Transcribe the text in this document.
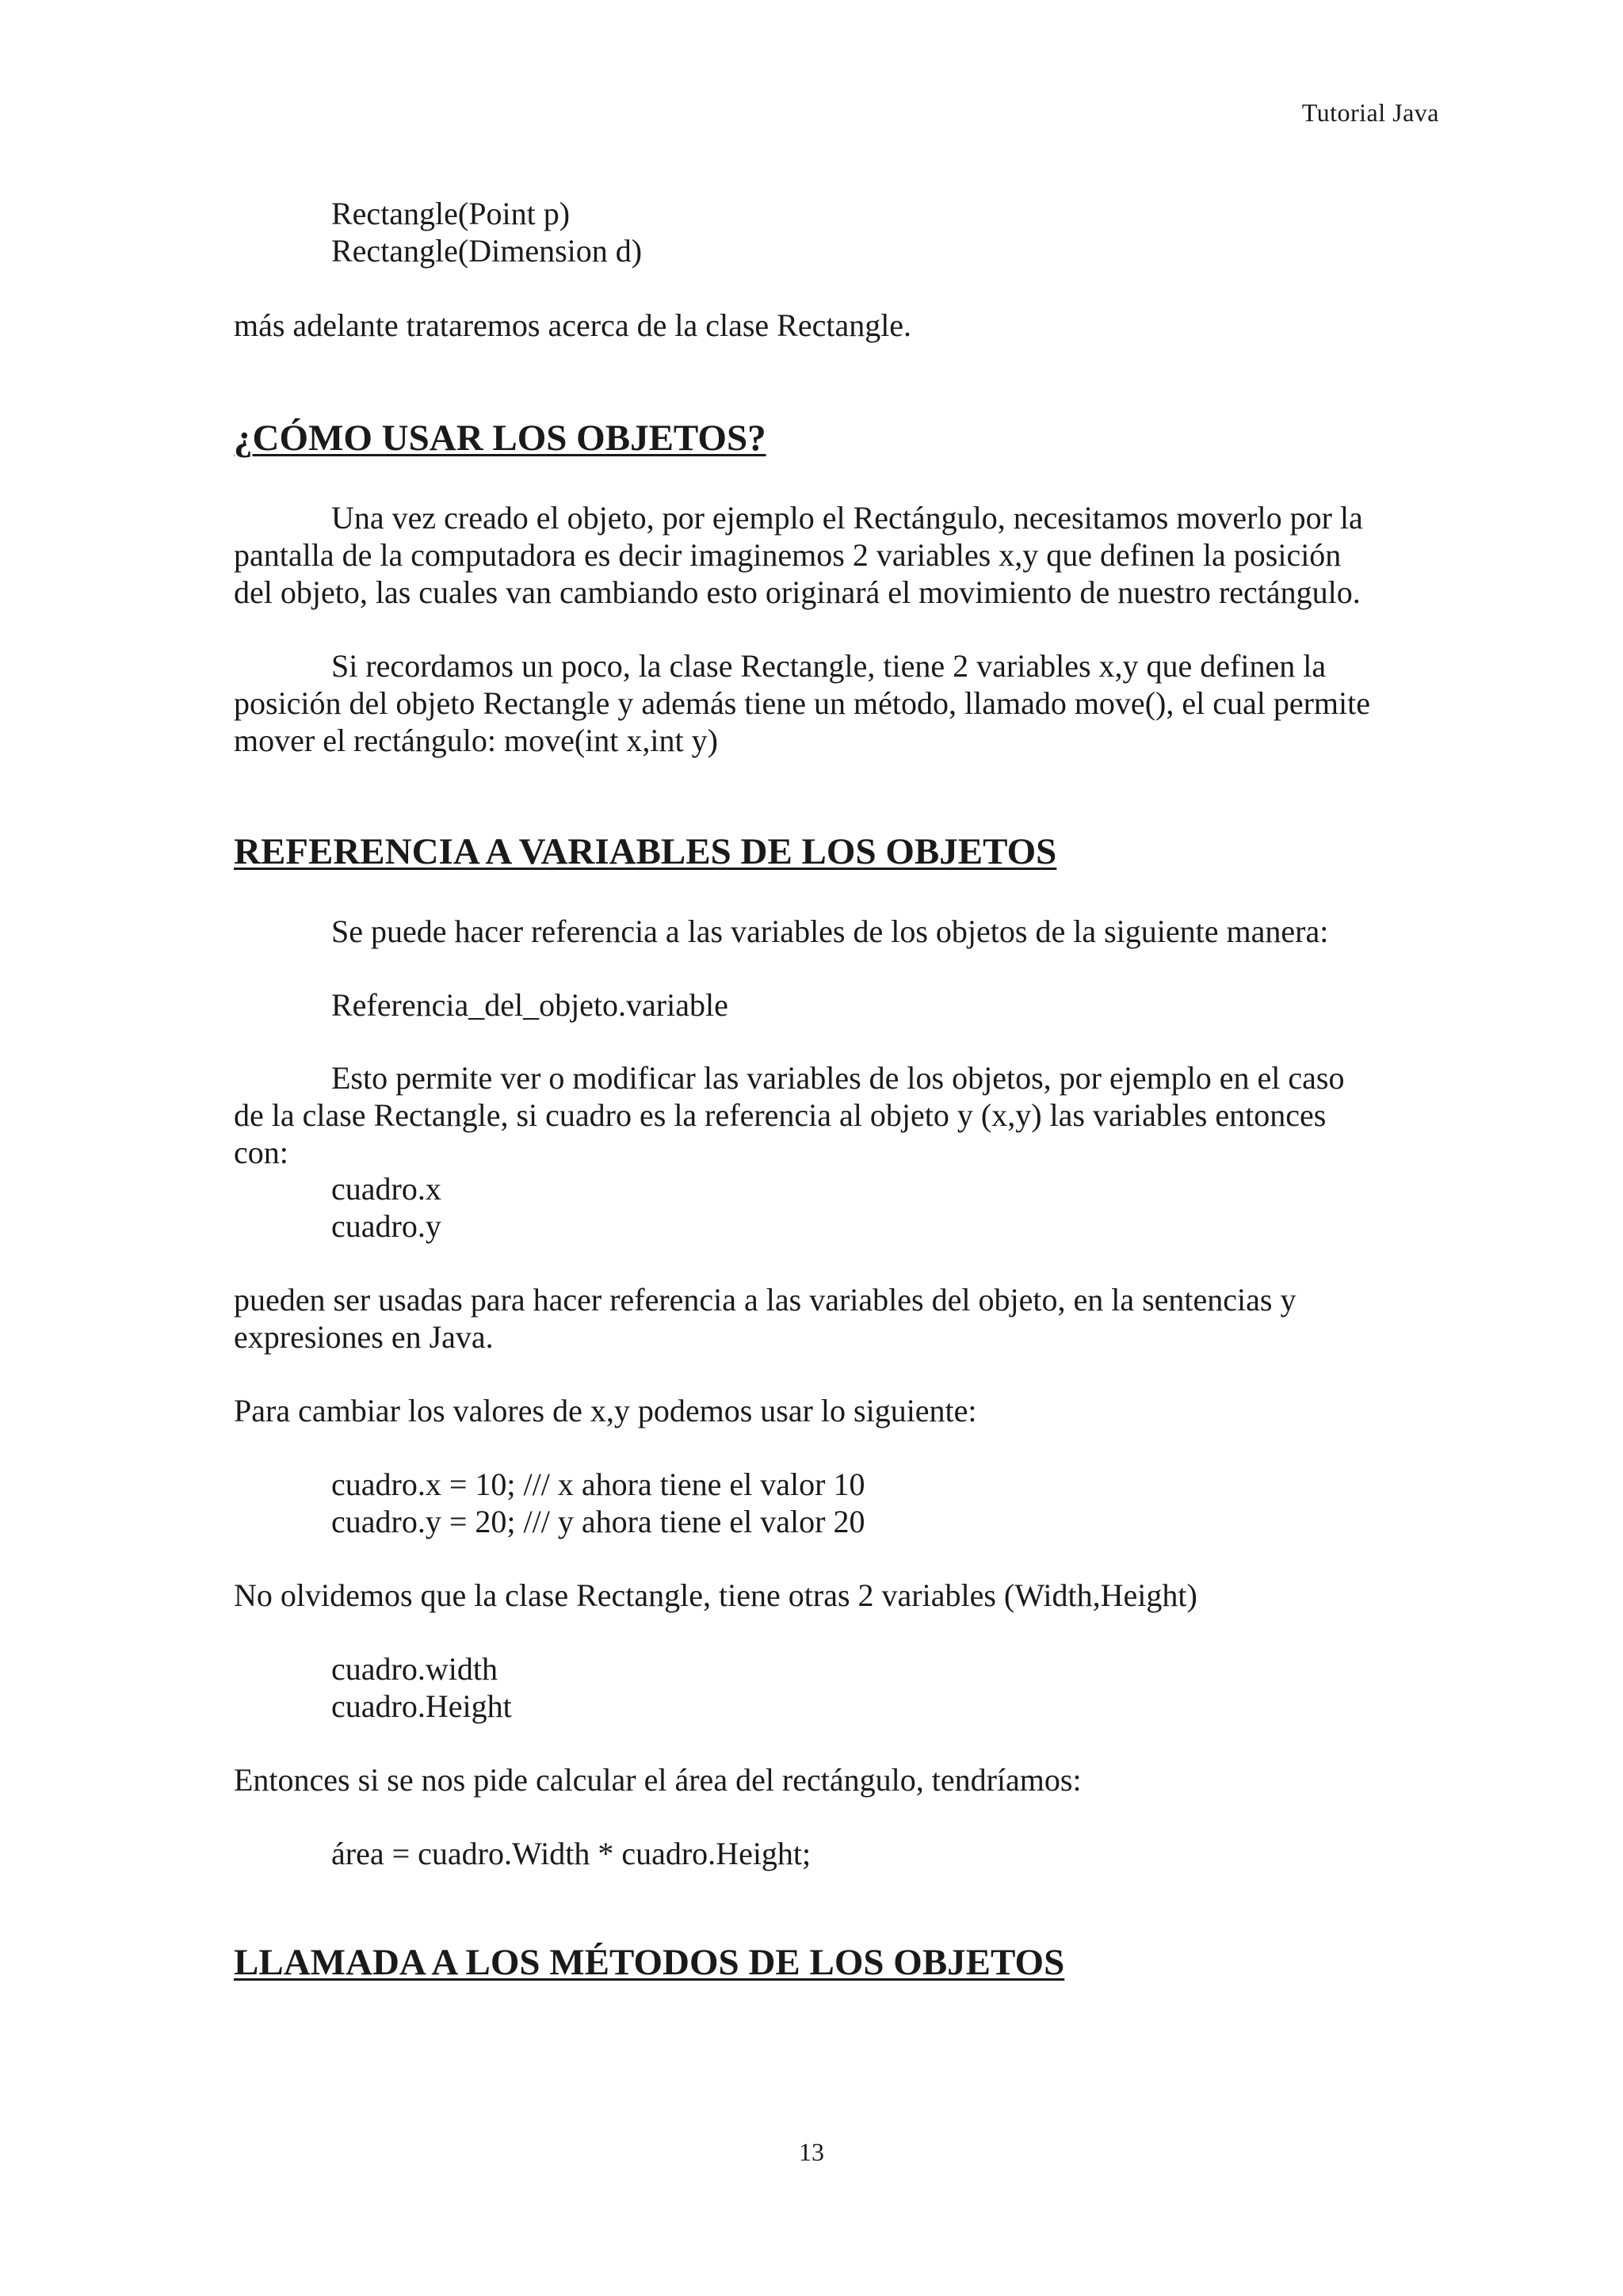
Tutorial Java
Rectangle(Point p)
Rectangle(Dimension d)
más adelante trataremos acerca de la clase Rectangle.
¿CÓMO USAR LOS OBJETOS?
Una vez creado el objeto, por ejemplo el Rectángulo, necesitamos moverlo por la
pantalla de la computadora es decir imaginemos 2 variables x,y que definen la posición
del objeto, las cuales van cambiando esto originará el movimiento de nuestro rectángulo.
Si recordamos un poco, la clase Rectangle, tiene 2 variables x,y que definen la
posición del objeto Rectangle y además tiene un método, llamado move(), el cual permite
mover el rectángulo: move(int x,int y)
REFERENCIA A VARIABLES DE LOS OBJETOS
Se puede hacer referencia a las variables de los objetos de la siguiente manera:
Referencia_del_objeto.variable
Esto permite ver o modificar las variables de los objetos, por ejemplo en el caso
de la clase Rectangle, si cuadro es la referencia al objeto y (x,y) las variables entonces
con:
cuadro.x
cuadro.y
pueden ser usadas para hacer referencia a las variables del objeto, en la sentencias y
expresiones en Java.
Para cambiar los valores de x,y podemos usar lo siguiente:
cuadro.x = 10; /// x ahora tiene el valor 10
cuadro.y = 20; /// y ahora tiene el valor 20
No olvidemos que la clase Rectangle, tiene otras 2 variables (Width,Height)
cuadro.width
cuadro.Height
Entonces si se nos pide calcular el área del rectángulo, tendríamos:
área = cuadro.Width * cuadro.Height;
LLAMADA A LOS MÉTODOS DE LOS OBJETOS
13
